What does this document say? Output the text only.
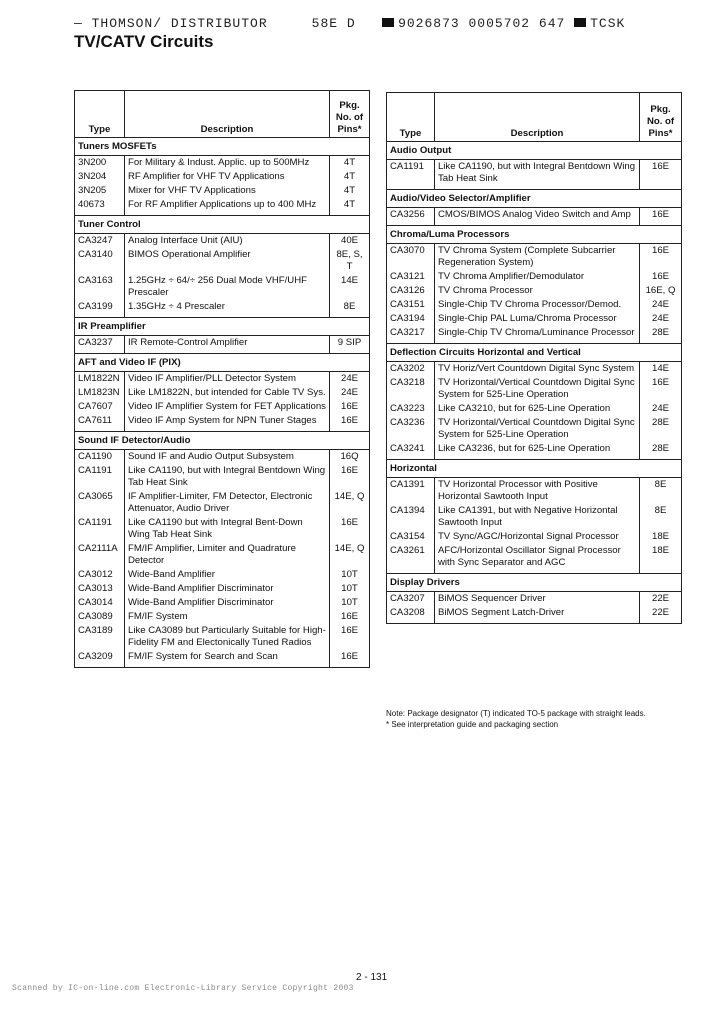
— THOMSON/ DISTRIBUTOR	58E D	9026873 0005702 647 TCSK
TV/CATV Circuits
Type	Description	Pkg. No. of Pins*
Tuners MOSFETs		
3N200	For Military & Indust. Applic. up to 500MHz	4T
3N204	RF Amplifier for VHF TV Applications	4T
3N205	Mixer for VHF TV Applications	4T
40673	For RF Amplifier Applications up to 400 MHz	4T
Tuner Control		
CA3247	Analog Interface Unit (AIU)	40E
CA3140	BIMOS Operational Amplifier	8E, S, T
CA3163	1.25GHz ÷ 64/÷ 256 Dual Mode VHF/UHF Prescaler	14E
CA3199	1.35GHz ÷ 4 Prescaler	8E
IR Preamplifier		
CA3237	IR Remote-Control Amplifier	9 SIP
AFT and Video IF (PIX)		
LM1822N	Video IF Amplifier/PLL Detector System	24E
LM1823N	Like LM1822N, but intended for Cable TV Sys.	24E
CA7607	Video IF Amplifier System for FET Applications	16E
CA7611	Video IF Amp System for NPN Tuner Stages	16E
Sound IF Detector/Audio		
CA1190	Sound IF and Audio Output Subsystem	16Q
CA1191	Like CA1190, but with Integral Bentdown Wing Tab Heat Sink	16E
CA3065	IF Amplifier-Limiter, FM Detector, Electronic Attenuator, Audio Driver	14E, Q
CA1191	Like CA1190 but with Integral Bent-Down Wing Tab Heat Sink	16E
CA2111A	FM/IF Amplifier, Limiter and Quadrature Detector	14E, Q
CA3012	Wide-Band Amplifier	10T
CA3013	Wide-Band Amplifier Discriminator	10T
CA3014	Wide-Band Amplifier Discriminator	10T
CA3089	FM/IF System	16E
CA3189	Like CA3089 but Particularly Suitable for High-Fidelity FM and Electonically Tuned Radios	16E
CA3209	FM/IF System for Search and Scan	16E
Type	Description	Pkg. No. of Pins*
Audio Output		
CA1191	Like CA1190, but with Integral Bentdown Wing Tab Heat Sink	16E
Audio/Video Selector/Amplifier		
CA3256	CMOS/BIMOS Analog Video Switch and Amp	16E
Chroma/Luma Processors		
CA3070	TV Chroma System (Complete Subcarrier Regeneration System)	16E
CA3121	TV Chroma Amplifier/Demodulator	16E
CA3126	TV Chroma Processor	16E, Q
CA3151	Single-Chip TV Chroma Processor/Demod.	24E
CA3194	Single-Chip PAL Luma/Chroma Processor	24E
CA3217	Single-Chip TV Chroma/Luminance Processor	28E
Deflection Circuits Horizontal and Vertical		
CA3202	TV Horiz/Vert Countdown Digital Sync System	14E
CA3218	TV Horizontal/Vertical Countdown Digital Sync System for 525-Line Operation	16E
CA3223	Like CA3210, but for 625-Line Operation	24E
CA3236	TV Horizontal/Vertical Countdown Digital Sync System for 525-Line Operation	28E
CA3241	Like CA3236, but for 625-Line Operation	28E
Horizontal		
CA1391	TV Horizontal Processor with Positive Horizontal Sawtooth Input	8E
CA1394	Like CA1391, but with Negative Horizontal Sawtooth Input	8E
CA3154	TV Sync/AGC/Horizontal Signal Processor	18E
CA3261	AFC/Horizontal Oscillator Signal Processor with Sync Separator and AGC	18E
Display Drivers		
CA3207	BiMOS Sequencer Driver	22E
CA3208	BiMOS Segment Latch-Driver	22E
Note: Package designator (T) indicated TO-5 package with straight leads.
* See interpretation guide and packaging section
2 - 131
Scanned by IC-on-line.com Electronic-Library Service Copyright 2003
